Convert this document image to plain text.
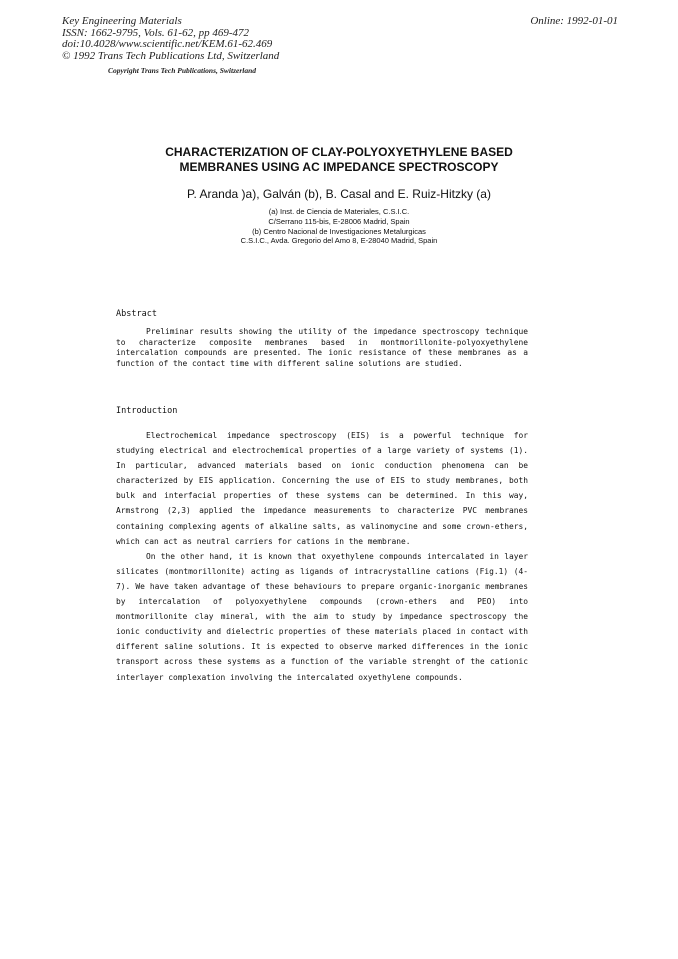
Key Engineering Materials
ISSN: 1662-9795, Vols. 61-62, pp 469-472
doi:10.4028/www.scientific.net/KEM.61-62.469
© 1992 Trans Tech Publications Ltd, Switzerland
Online: 1992-01-01
Copyright Trans Tech Publications, Switzerland
CHARACTERIZATION OF CLAY-POLYOXYETHYLENE BASED
MEMBRANES USING AC IMPEDANCE SPECTROSCOPY
P. Aranda )a), Galván (b), B. Casal and E. Ruiz-Hitzky (a)
(a) Inst. de Ciencia de Materiales, C.S.I.C.
C/Serrano 115-bis, E-28006 Madrid, Spain
(b) Centro Nacional de Investigaciones Metalurgicas
C.S.I.C., Avda. Gregorio del Amo 8, E-28040 Madrid, Spain
Abstract
Preliminar results showing the utility of the impedance spectroscopy technique to characterize composite membranes based in montmorillonite-polyoxyethylene intercalation compounds are presented. The ionic resistance of these membranes as a function of the contact time with different saline solutions are studied.
Introduction

Electrochemical impedance spectroscopy (EIS) is a powerful technique for studying electrical and electrochemical properties of a large variety of systems (1). In particular, advanced materials based on ionic conduction phenomena can be characterized by EIS application. Concerning the use of EIS to study membranes, both bulk and interfacial properties of these systems can be determined. In this way, Armstrong (2,3) applied the impedance measurements to characterize PVC membranes containing complexing agents of alkaline salts, as valinomycine and some crown-ethers, which can act as neutral carriers for cations in the membrane.

On the other hand, it is known that oxyethylene compounds intercalated in layer silicates (montmorillonite) acting as ligands of intracrystalline cations (Fig.1) (4-7). We have taken advantage of these behaviours to prepare organic-inorganic membranes by intercalation of polyoxyethylene compounds (crown-ethers and PEO) into montmorillonite clay mineral, with the aim to study by impedance spectroscopy the ionic conductivity and dielectric properties of these materials placed in contact with different saline solutions. It is expected to observe marked differences in the ionic transport across these systems as a function of the variable strenght of the cationic interlayer complexation involving the intercalated oxyethylene compounds.
